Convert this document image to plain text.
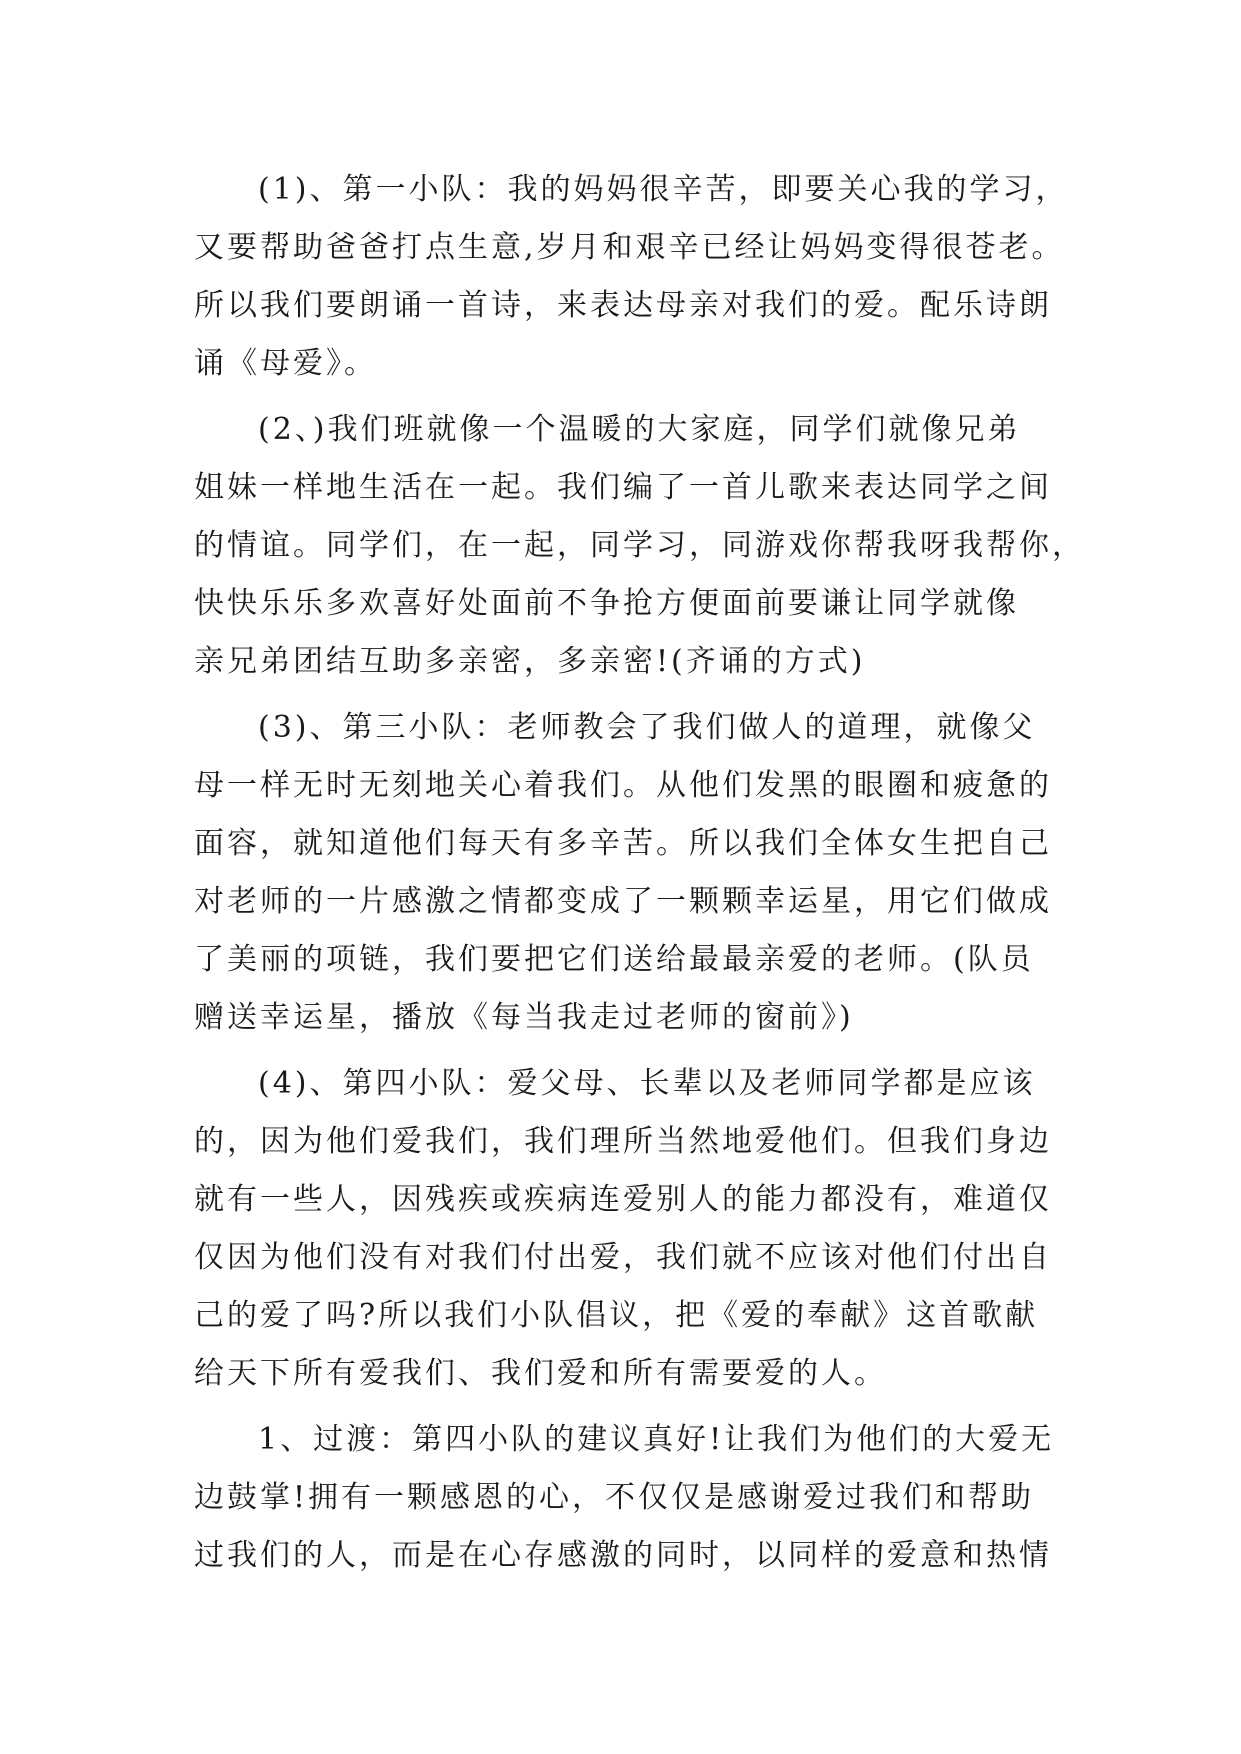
(1)、第一小队：我的妈妈很辛苦，即要关心我的学习，
又要帮助爸爸打点生意,岁月和艰辛已经让妈妈变得很苍老。
所以我们要朗诵一首诗，来表达母亲对我们的爱。配乐诗朗
诵《母爱》。
(2、)我们班就像一个温暖的大家庭，同学们就像兄弟
姐妹一样地生活在一起。我们编了一首儿歌来表达同学之间
的情谊。同学们，在一起，同学习，同游戏你帮我呀我帮你，
快快乐乐多欢喜好处面前不争抢方便面前要谦让同学就像
亲兄弟团结互助多亲密，多亲密!(齐诵的方式)
(3)、第三小队：老师教会了我们做人的道理，就像父
母一样无时无刻地关心着我们。从他们发黑的眼圈和疲惫的
面容，就知道他们每天有多辛苦。所以我们全体女生把自己
对老师的一片感激之情都变成了一颗颗幸运星，用它们做成
了美丽的项链，我们要把它们送给最最亲爱的老师。(队员
赠送幸运星，播放《每当我走过老师的窗前》)
(4)、第四小队：爱父母、长辈以及老师同学都是应该
的，因为他们爱我们，我们理所当然地爱他们。但我们身边
就有一些人，因残疾或疾病连爱别人的能力都没有，难道仅
仅因为他们没有对我们付出爱，我们就不应该对他们付出自
己的爱了吗?所以我们小队倡议，把《爱的奉献》这首歌献
给天下所有爱我们、我们爱和所有需要爱的人。
1、过渡：第四小队的建议真好!让我们为他们的大爱无
边鼓掌!拥有一颗感恩的心，不仅仅是感谢爱过我们和帮助
过我们的人，而是在心存感激的同时，以同样的爱意和热情
